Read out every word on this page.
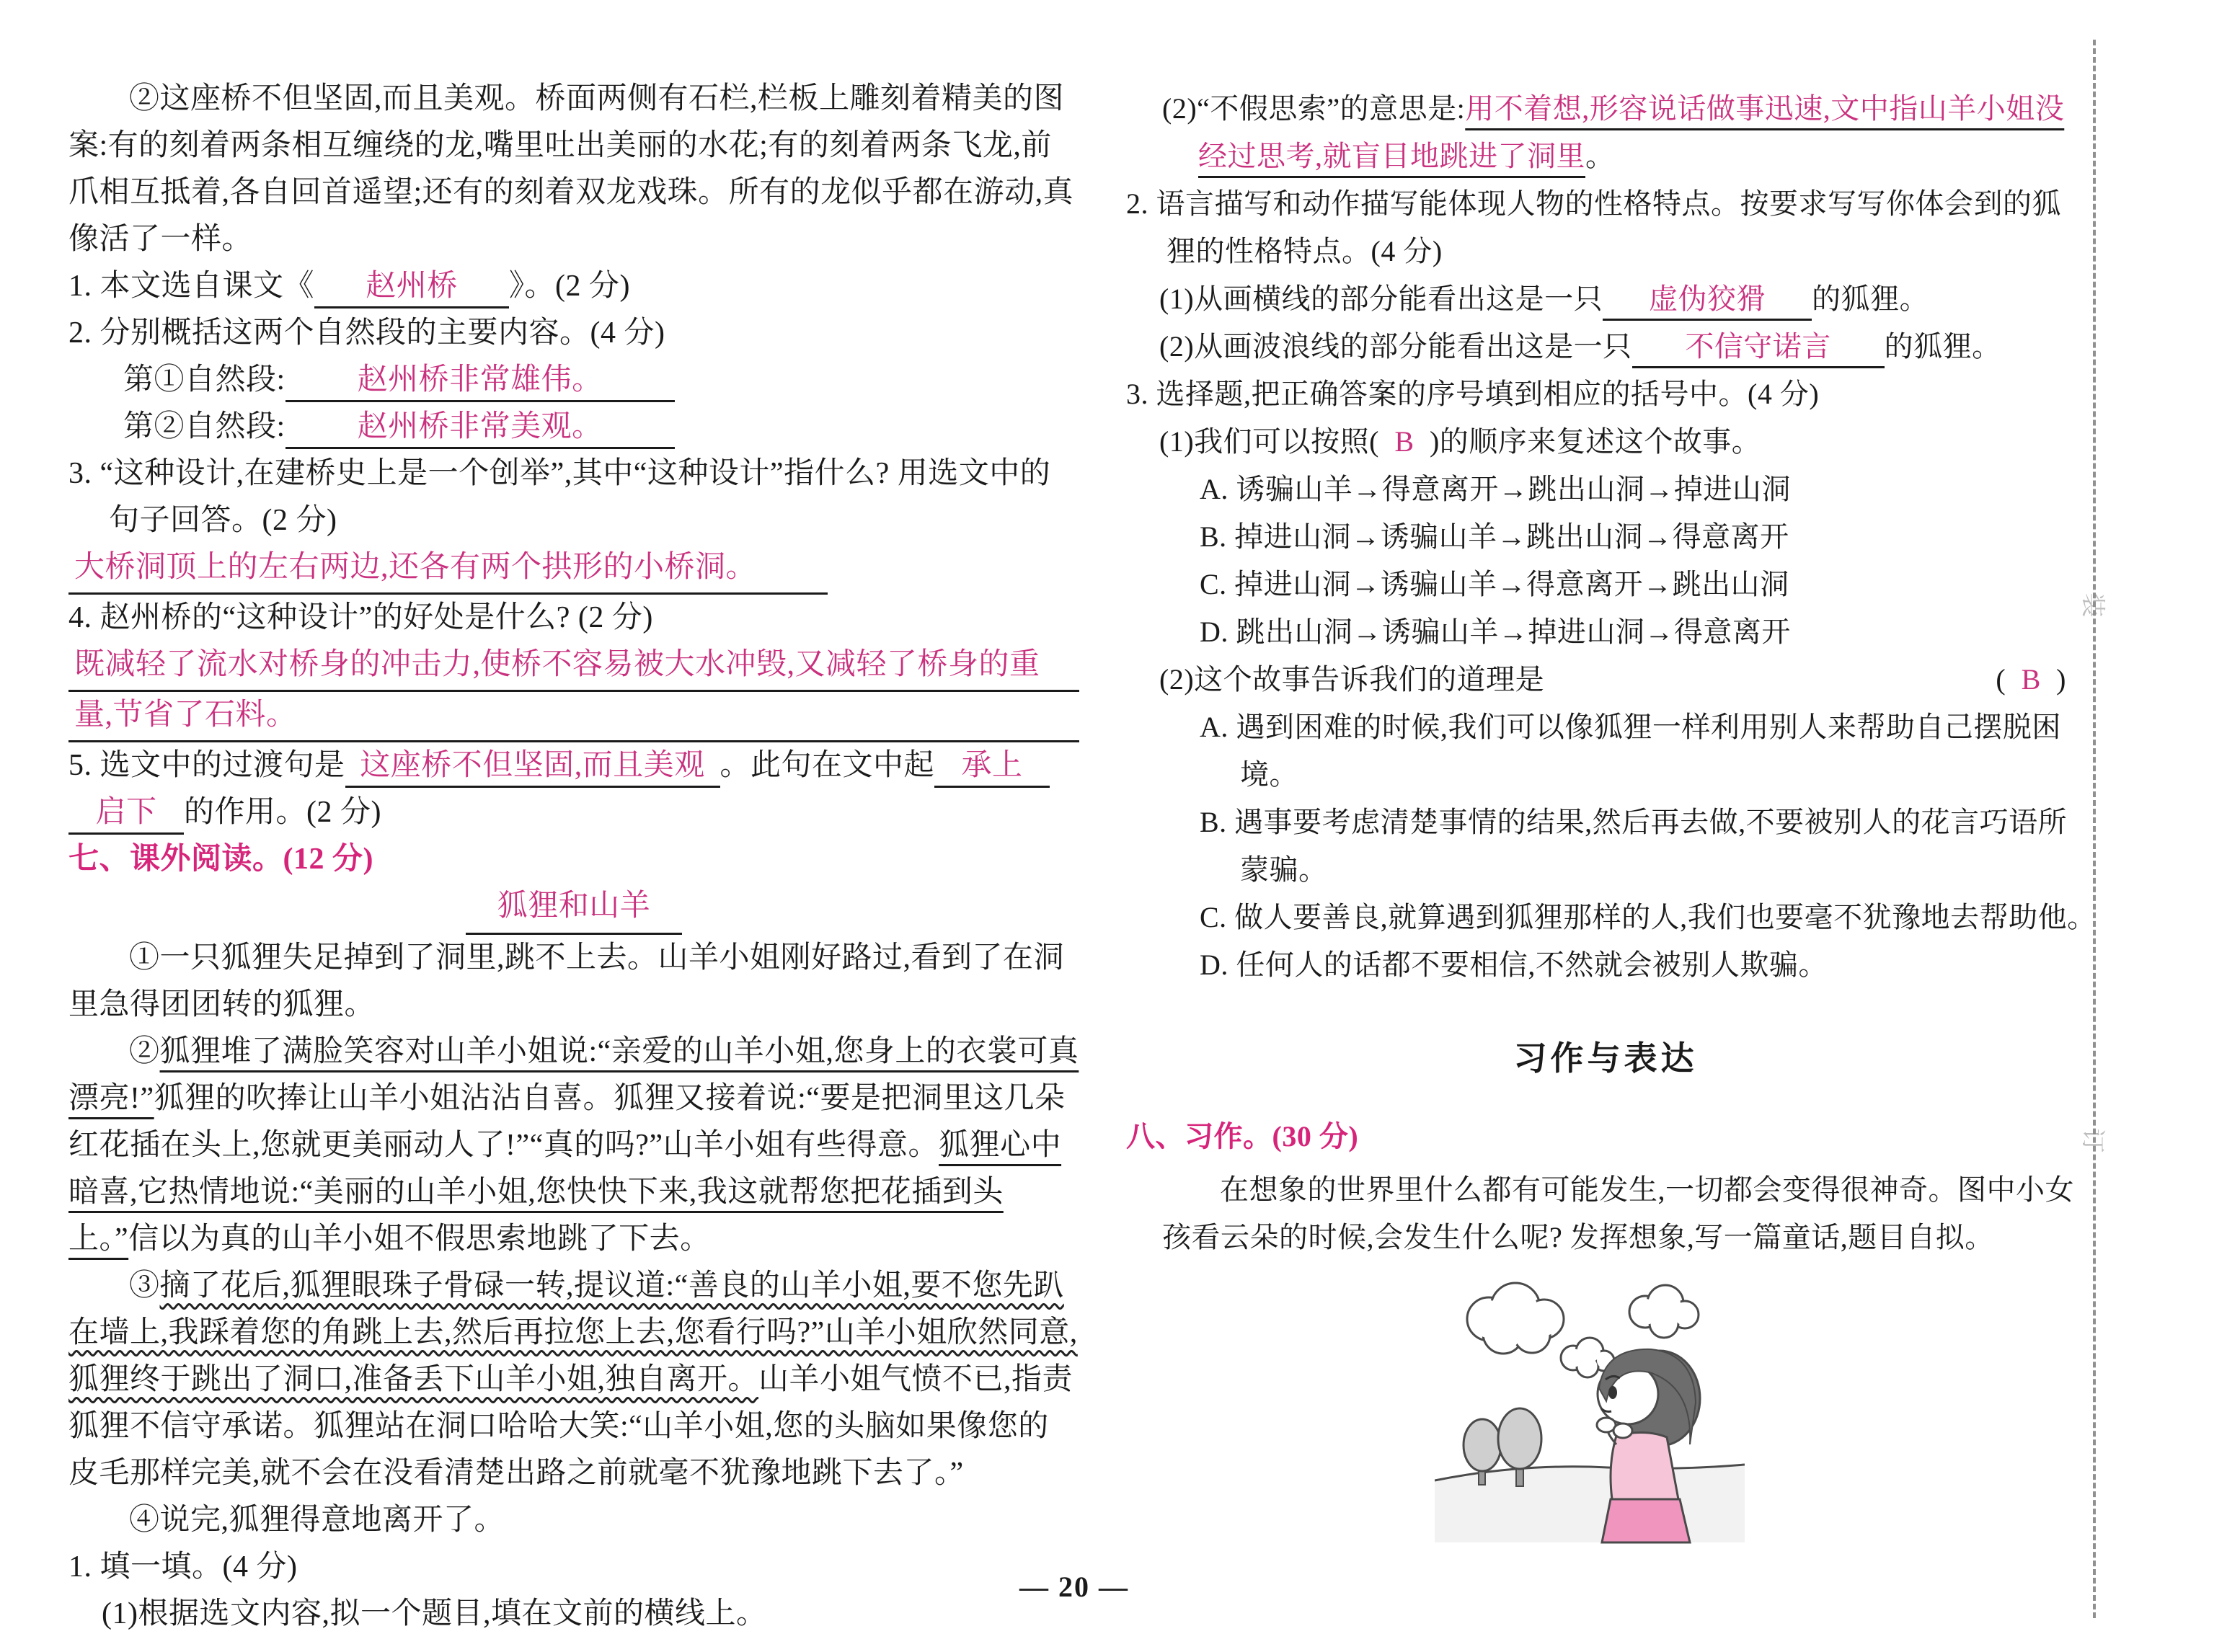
②这座桥不但坚固,而且美观。桥面两侧有石栏,栏板上雕刻着精美的图案:有的刻着两条相互缠绕的龙,嘴里吐出美丽的水花;有的刻着两条飞龙,前爪相互抵着,各自回首遥望;还有的刻着双龙戏珠。所有的龙似乎都在游动,真像活了一样。

1. 本文选自课文《 赵州桥 》。(2 分)
2. 分别概括这两个自然段的主要内容。(4 分)
第①自然段: 赵州桥非常雄伟。
第②自然段: 赵州桥非常美观。
3. “这种设计,在建桥史上是一个创举”,其中“这种设计”指什么? 用选文中的句子回答。(2 分)
大桥洞顶上的左右两边,还各有两个拱形的小桥洞。
4. 赵州桥的“这种设计”的好处是什么? (2 分)
既减轻了流水对桥身的冲击力,使桥不容易被大水冲毁,又减轻了桥身的重
量,节省了石料。
5. 选文中的过渡句是 这座桥不但坚固,而且美观 。此句在文中起 承上
启下 的作用。(2 分)
七、课外阅读。(12 分)
狐狸和山羊

①一只狐狸失足掉到了洞里,跳不上去。山羊小姐刚好路过,看到了在洞里急得团团转的狐狸。

②狐狸堆了满脸笑容对山羊小姐说:“亲爱的山羊小姐,您身上的衣裳可真漂亮!”狐狸的吹捧让山羊小姐沾沾自喜。狐狸又接着说:“要是把洞里这几朵红花插在头上,您就更美丽动人了!”“真的吗?”山羊小姐有些得意。狐狸心中暗喜,它热情地说:“美丽的山羊小姐,您快快下来,我这就帮您把花插到头上。”信以为真的山羊小姐不假思索地跳了下去。

③摘了花后,狐狸眼珠子骨碌一转,提议道:“善良的山羊小姐,要不您先趴在墙上,我踩着您的角跳上去,然后再拉您上去,您看行吗?”山羊小姐欣然同意,狐狸终于跳出了洞口,准备丢下山羊小姐,独自离开。山羊小姐气愤不已,指责狐狸不信守承诺。狐狸站在洞口哈哈大笑:“山羊小姐,您的头脑如果像您的皮毛那样完美,就不会在没看清楚出路之前就毫不犹豫地跳下去了。”

④说完,狐狸得意地离开了。

1. 填一填。(4 分)
(1)根据选文内容,拟一个题目,填在文前的横线上。
(2)“不假思索”的意思是:用不着想,形容说话做事迅速,文中指山羊小姐没经过思考,就盲目地跳进了洞里。
2. 语言描写和动作描写能体现人物的性格特点。按要求写写你体会到的狐狸的性格特点。(4 分)
(1)从画横线的部分能看出这是一只 虚伪狡猾 的狐狸。
(2)从画波浪线的部分能看出这是一只 不信守诺言 的狐狸。
3. 选择题,把正确答案的序号填到相应的括号中。(4 分)
(1)我们可以按照( B )的顺序来复述这个故事。
A. 诱骗山羊→得意离开→跳出山洞→掉进山洞
B. 掉进山洞→诱骗山羊→跳出山洞→得意离开
C. 掉进山洞→诱骗山羊→得意离开→跳出山洞
D. 跳出山洞→诱骗山羊→掉进山洞→得意离开
(2)这个故事告诉我们的道理是	( B )
A. 遇到困难的时候,我们可以像狐狸一样利用别人来帮助自己摆脱困境。
B. 遇事要考虑清楚事情的结果,然后再去做,不要被别人的花言巧语所蒙骗。
C. 做人要善良,就算遇到狐狸那样的人,我们也要毫不犹豫地去帮助他。
D. 任何人的话都不要相信,不然就会被别人欺骗。
习作与表达
八、习作。(30 分)

在想象的世界里什么都有可能发生,一切都会变得很神奇。图中小女孩看云朵的时候,会发生什么呢? 发挥想象,写一篇童话,题目自拟。

装
订
— 20 —
